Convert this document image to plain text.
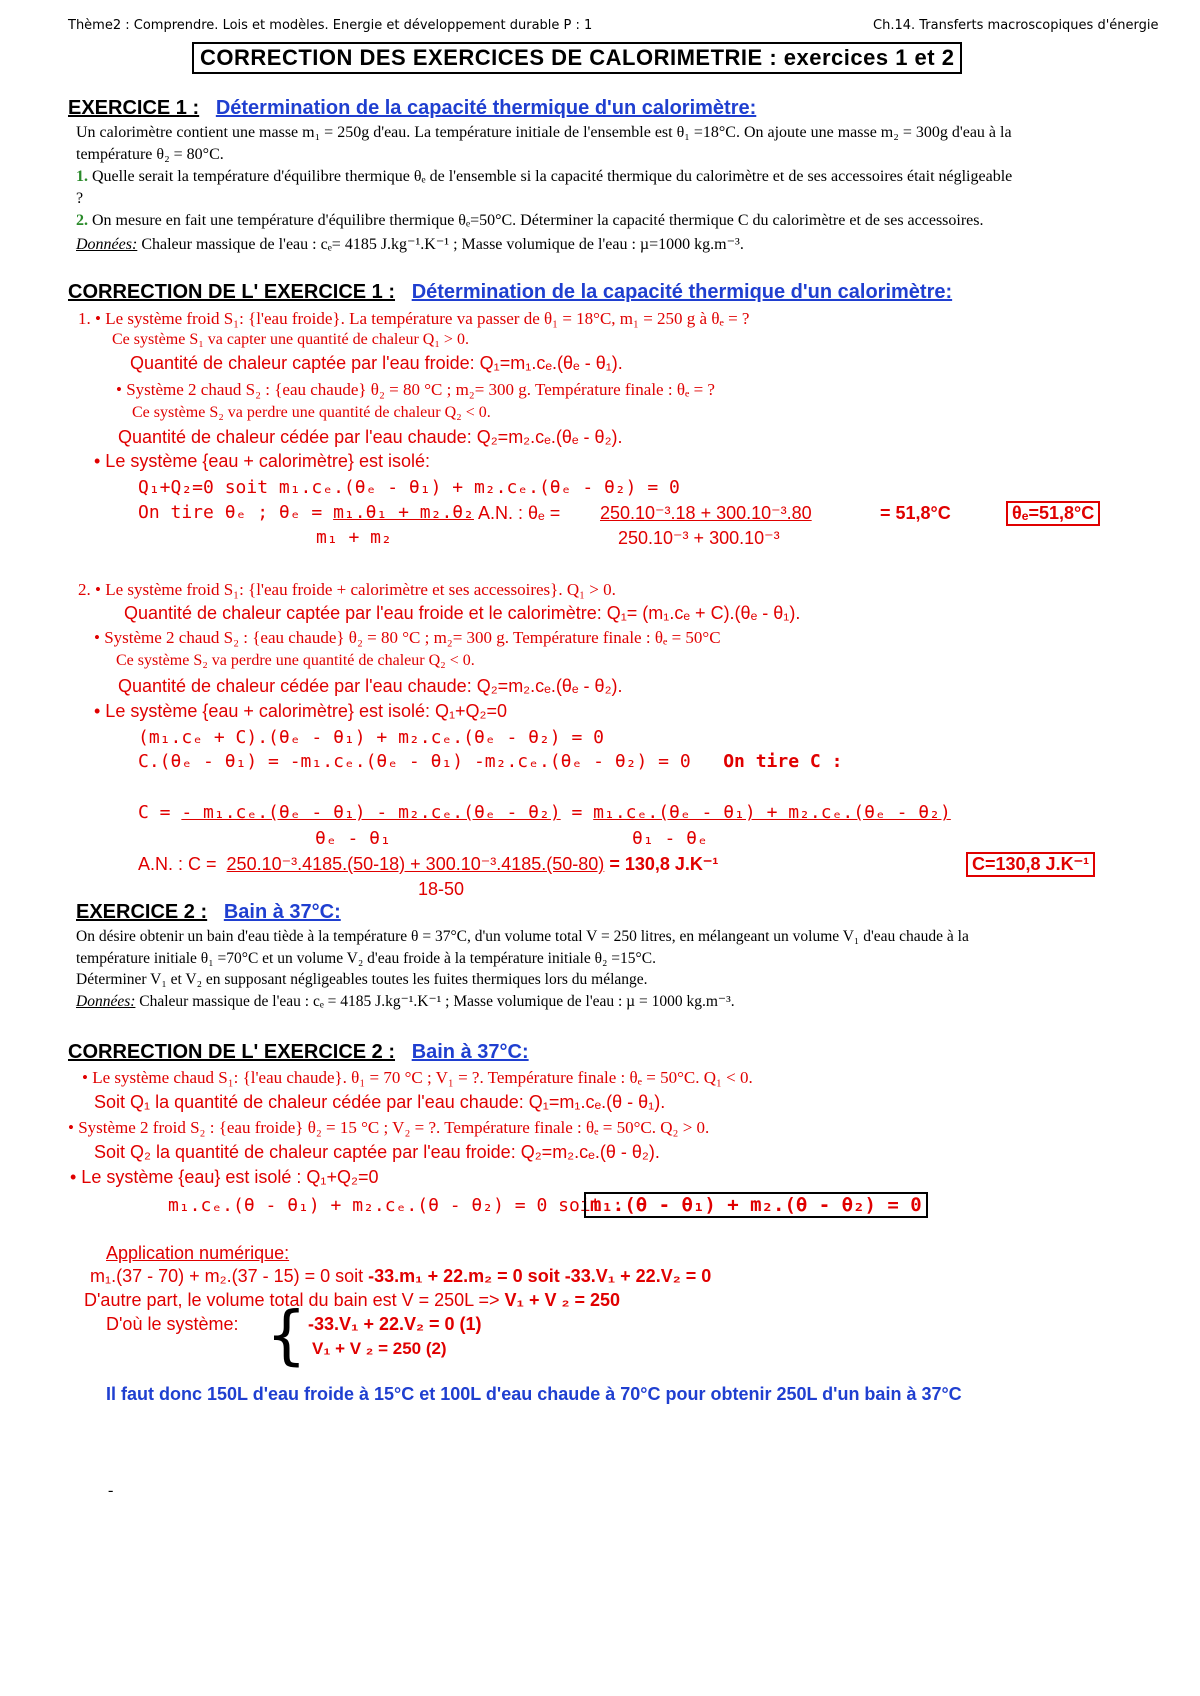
Thème2 : Comprendre. Lois et modèles. Energie et développement durable P : 1	Ch.14. Transferts macroscopiques d'énergie
CORRECTION DES EXERCICES DE CALORIMETRIE : exercices 1 et 2
EXERCICE 1 : Détermination de la capacité thermique d'un calorimètre:
Un calorimètre contient une masse m₁ = 250g d'eau. La température initiale de l'ensemble est θ₁ =18°C. On ajoute une masse m₂ = 300g d'eau à la
température θ₂ = 80°C.
1. Quelle serait la température d'équilibre thermique θₑ de l'ensemble si la capacité thermique du calorimètre et de ses accessoires était négligeable
?
2. On mesure en fait une température d'équilibre thermique θₑ=50°C. Déterminer la capacité thermique C du calorimètre et de ses accessoires.
Données: Chaleur massique de l'eau : cₑ= 4185 J.kg⁻¹.K⁻¹ ; Masse volumique de l'eau : µ=1000 kg.m⁻³.
CORRECTION DE L' EXERCICE 1 : Détermination de la capacité thermique d'un calorimètre:
1. • Le système froid S₁: {l'eau froide}. La température va passer de θ₁ = 18°C, m₁ = 250 g à θₑ = ?
Ce système S₁ va capter une quantité de chaleur Q₁ > 0.
Quantité de chaleur captée par l'eau froide: Q₁=m₁.cₑ.(θₑ - θ₁).
• Système 2 chaud S₂ : {eau chaude} θ₂ = 80 °C ; m₂= 300 g. Température finale : θₑ = ?
Ce système S₂ va perdre une quantité de chaleur Q₂ < 0.
Quantité de chaleur cédée par l'eau chaude: Q₂=m₂.cₑ.(θₑ - θ₂).
• Le système {eau + calorimètre} est isolé:
Q₁+Q₂=0 soit m₁.cₑ.(θₑ - θ₁) + m₂.cₑ.(θₑ - θ₂) = 0
On tire θₑ ; θₑ = m₁.θ₁ + m₂.θ₂ A.N. : θₑ = 250.10⁻³.18 + 300.10⁻³.80	= 51,8°C	θₑ=51,8°C
m₁ + m₂	250.10⁻³ + 300.10⁻³
2. • Le système froid S₁: {l'eau froide + calorimètre et ses accessoires}. Q₁ > 0.
Quantité de chaleur captée par l'eau froide et le calorimètre: Q₁= (m₁.cₑ + C).(θₑ - θ₁).
• Système 2 chaud S₂ : {eau chaude} θ₂ = 80 °C ; m₂= 300 g. Température finale : θₑ = 50°C
Ce système S₂ va perdre une quantité de chaleur Q₂ < 0.
Quantité de chaleur cédée par l'eau chaude: Q₂=m₂.cₑ.(θₑ - θ₂).
• Le système {eau + calorimètre} est isolé: Q₁+Q₂=0
(m₁.cₑ + C).(θₑ - θ₁) + m₂.cₑ.(θₑ - θ₂) = 0
C.(θₑ - θ₁) = -m₁.cₑ.(θₑ - θ₁) -m₂.cₑ.(θₑ - θ₂) = 0 On tire C :
C = - m₁.cₑ.(θₑ - θ₁) - m₂.cₑ.(θₑ - θ₂) = m₁.cₑ.(θₑ - θ₁) + m₂.cₑ.(θₑ - θ₂)
θₑ - θ₁	θ₁ - θₑ
A.N. : C =  250.10⁻³.4185.(50-18) + 300.10⁻³.4185.(50-80) = 130,8 J.K⁻¹	C=130,8 J.K⁻¹
18-50
EXERCICE 2 : Bain à 37°C:
On désire obtenir un bain d'eau tiède à la température θ = 37°C, d'un volume total V = 250 litres, en mélangeant un volume V₁ d'eau chaude à la
température initiale θ₁ =70°C et un volume V₂ d'eau froide à la température initiale θ₂ =15°C.
Déterminer V₁ et V₂ en supposant négligeables toutes les fuites thermiques lors du mélange.
Données: Chaleur massique de l'eau : cₑ = 4185 J.kg⁻¹.K⁻¹ ; Masse volumique de l'eau : µ = 1000 kg.m⁻³.
CORRECTION DE L' EXERCICE 2 : Bain à 37°C:
• Le système chaud S₁: {l'eau chaude}. θ₁ = 70 °C ; V₁ = ?. Température finale : θₑ = 50°C. Q₁ < 0.
Soit Q₁ la quantité de chaleur cédée par l'eau chaude: Q₁=m₁.cₑ.(θ - θ₁).
• Système 2 froid S₂ : {eau froide} θ₂ = 15 °C ; V₂ = ?. Température finale : θₑ = 50°C. Q₂ > 0.
Soit Q₂ la quantité de chaleur captée par l'eau froide: Q₂=m₂.cₑ.(θ - θ₂).
• Le système {eau} est isolé : Q₁+Q₂=0
m₁.cₑ.(θ - θ₁) + m₂.cₑ.(θ - θ₂) = 0 soit :
m₁.(θ - θ₁) + m₂.(θ - θ₂) = 0
Application numérique:
m₁.(37 - 70) + m₂.(37 - 15) = 0 soit -33.m₁ + 22.m₂ = 0 soit -33.V₁ + 22.V₂ = 0
D'autre part, le volume total du bain est V = 250L => V₁ + V ₂ = 250
D'où le système: { -33.V₁ + 22.V₂ = 0 (1)
V₁ + V ₂ = 250 (2)
Il faut donc 150L d'eau froide à 15°C et 100L d'eau chaude à 70°C pour obtenir 250L d'un bain à 37°C
-
